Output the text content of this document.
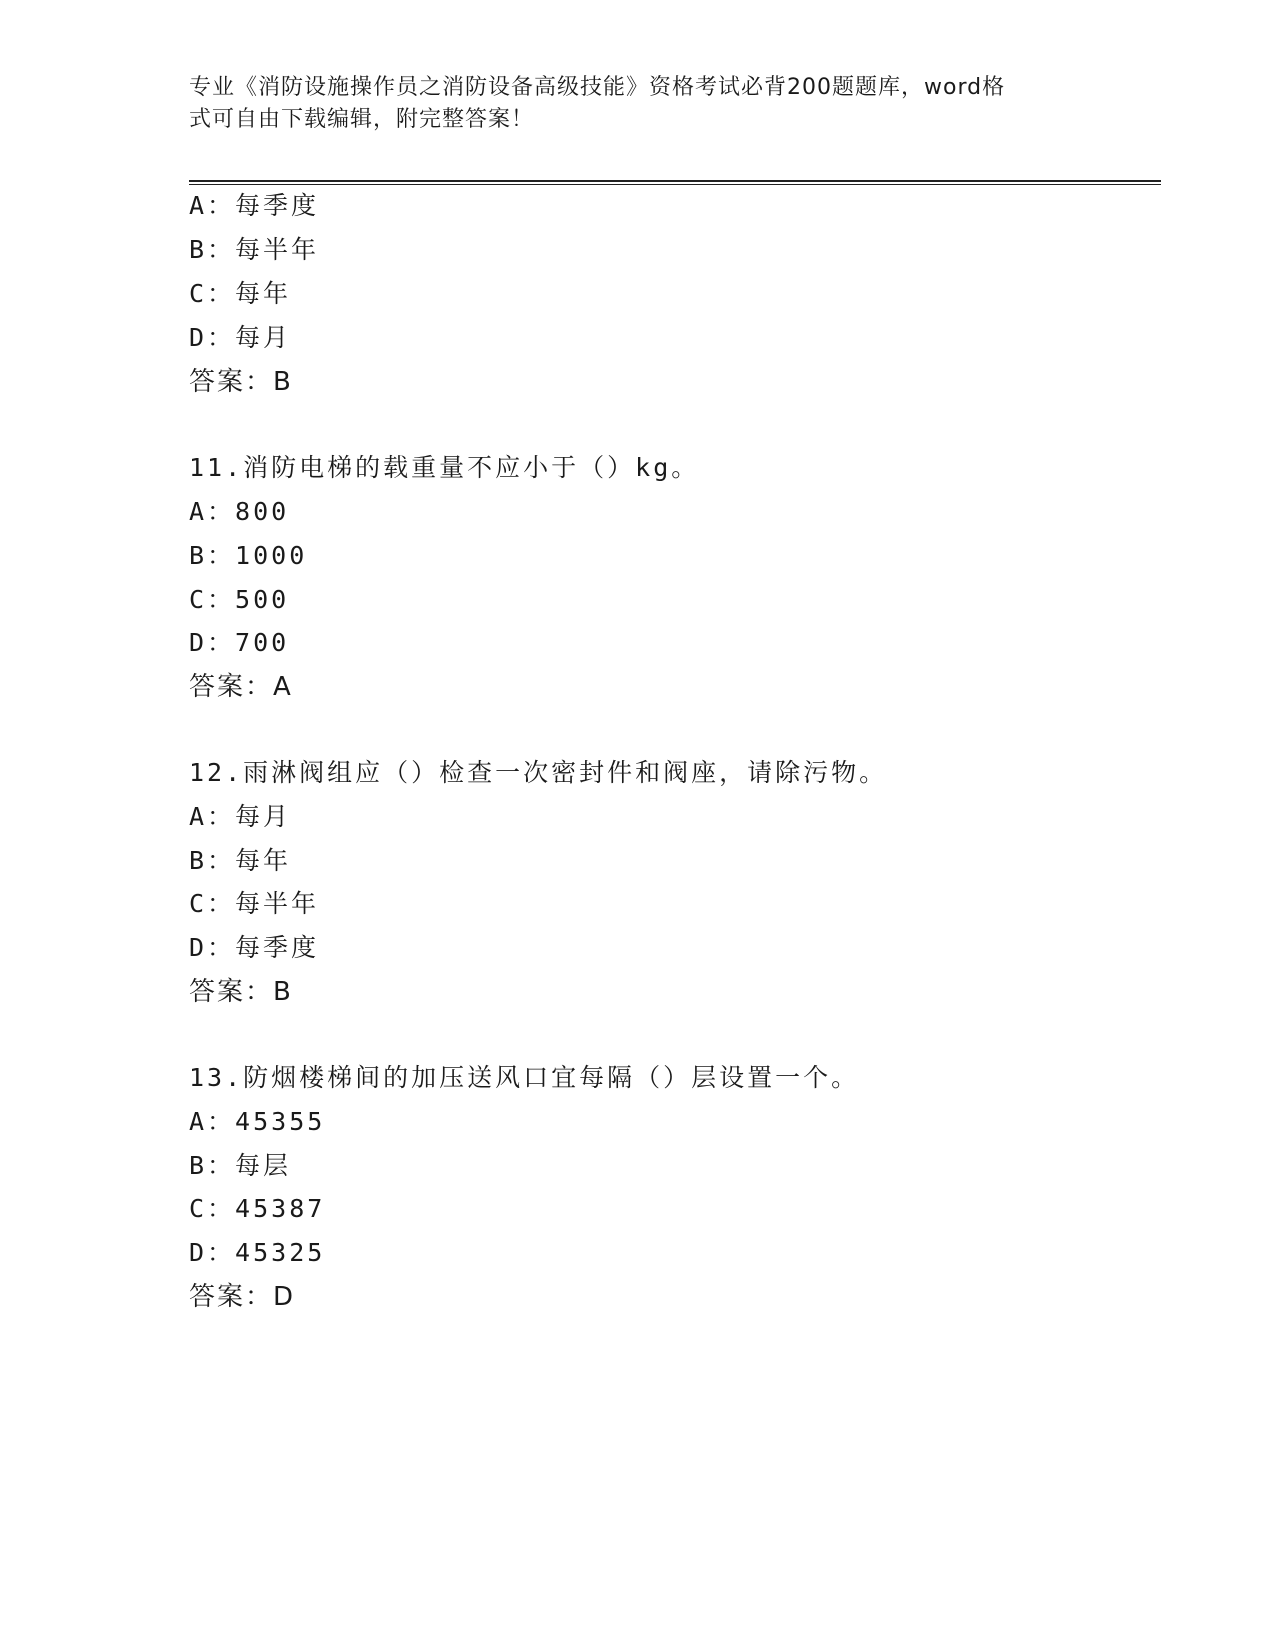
专业《消防设施操作员之消防设备高级技能》资格考试必背200题题库，word格
式可自由下载编辑，附完整答案！
A：每季度
B：每半年
C：每年
D：每月
答案：B
11.消防电梯的载重量不应小于（）kg。
A：800
B：1000
C：500
D：700
答案：A
12.雨淋阀组应（）检查一次密封件和阀座，请除污物。
A：每月
B：每年
C：每半年
D：每季度
答案：B
13.防烟楼梯间的加压送风口宜每隔（）层设置一个。
A：45355
B：每层
C：45387
D：45325
答案：D
